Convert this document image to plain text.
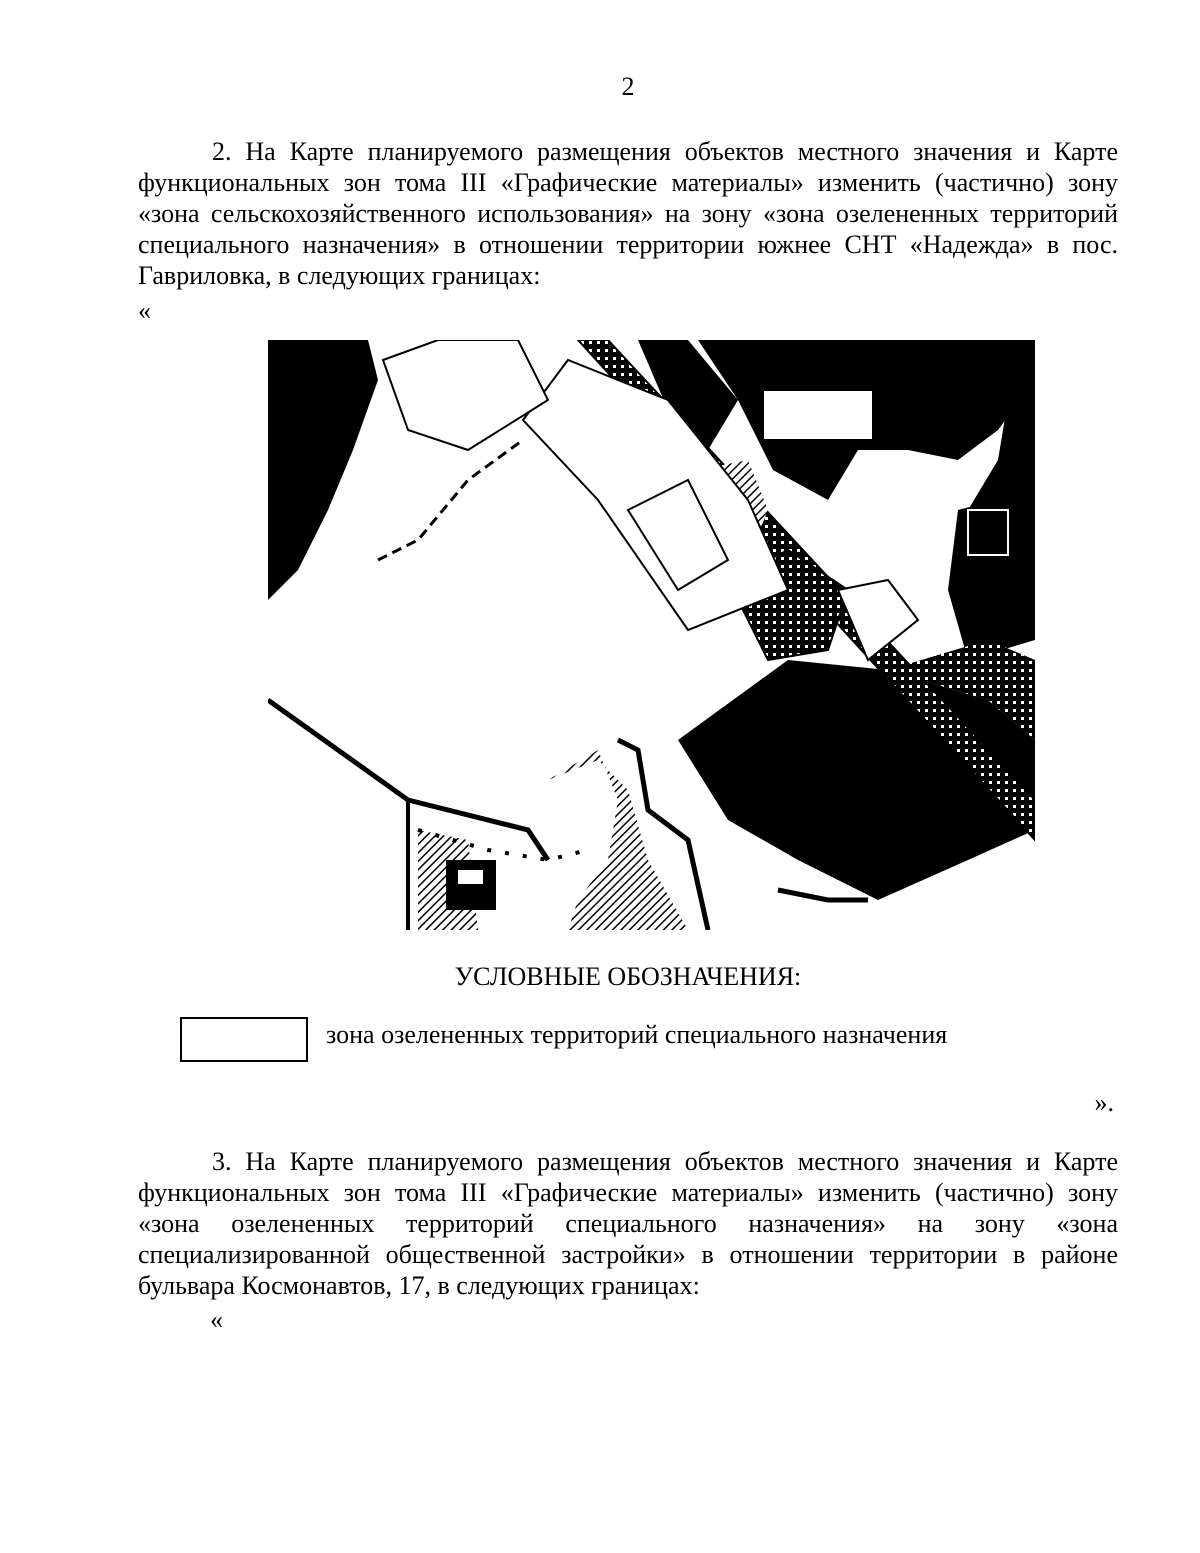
2

2. На Карте планируемого размещения объектов местного значения и Карте функциональных зон тома III «Графические материалы» изменить (частично) зону «зона сельскохозяйственного использования» на зону «зона озелененных территорий специального назначения» в отношении территории южнее СНТ «Надежда» в пос. Гавриловка, в следующих границах:

«
УСЛОВНЫЕ ОБОЗНАЧЕНИЯ:
зона озелененных территорий специального назначения
».

3. На Карте планируемого размещения объектов местного значения и Карте функциональных зон тома III «Графические материалы» изменить (частично) зону «зона озелененных территорий специального назначения» на зону «зона специализированной общественной застройки» в отношении территории в районе бульвара Космонавтов, 17, в следующих границах:

«
